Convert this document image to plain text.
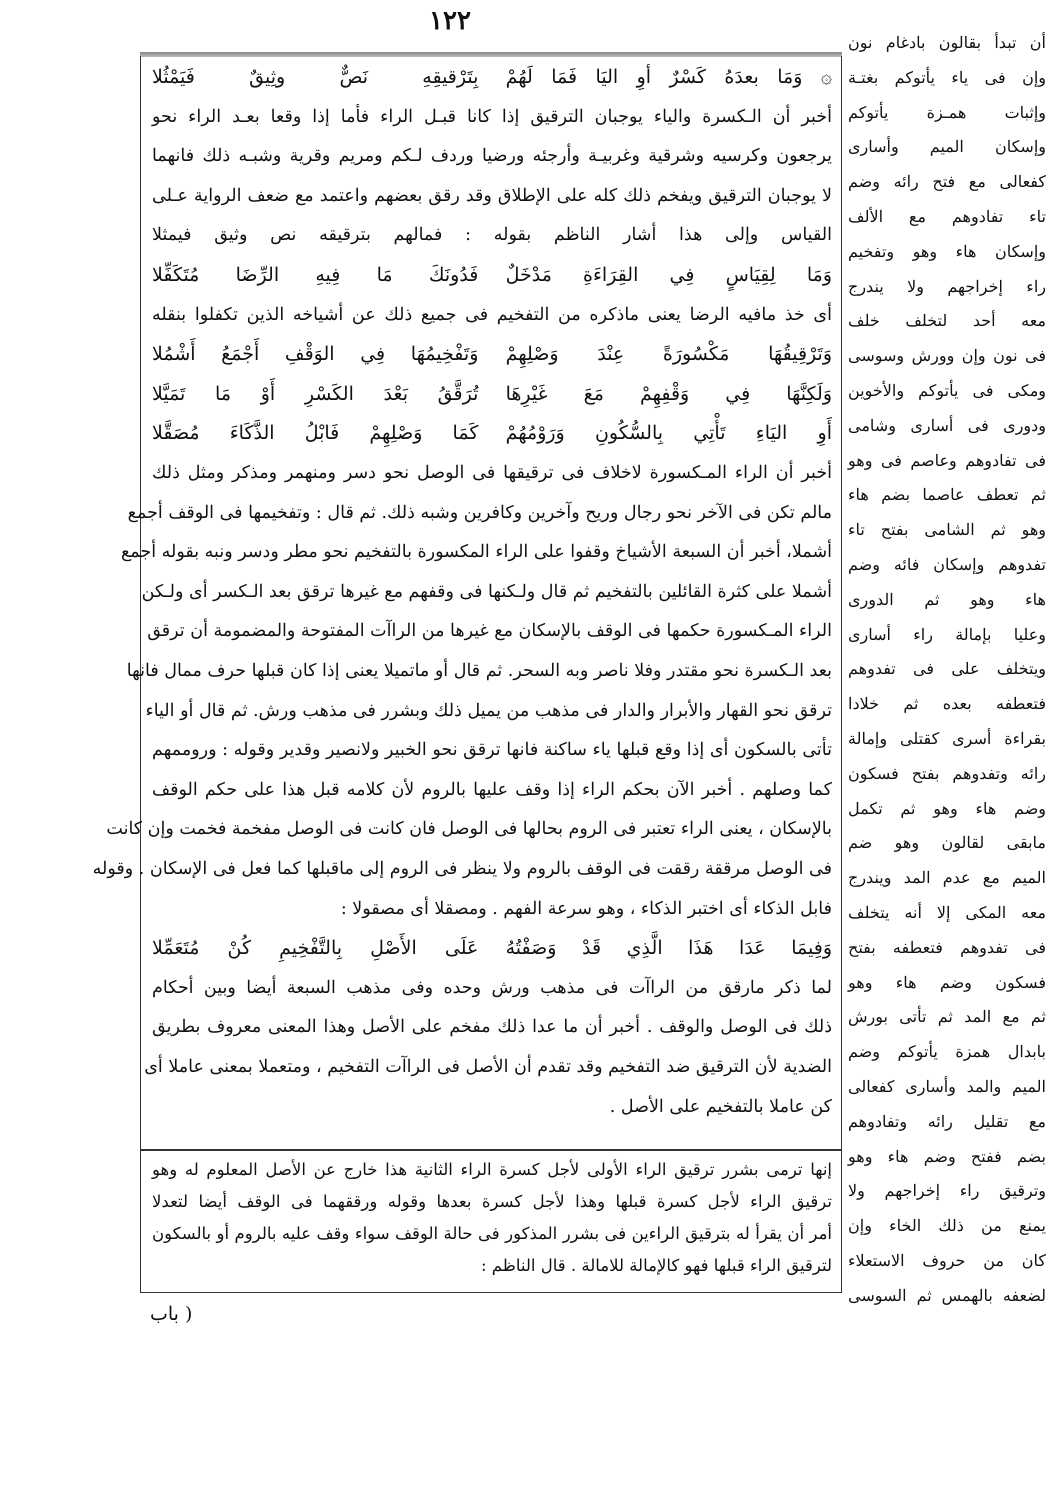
١٢٢
۞ وَمَا بعدَهُ كَسْرٌ أوِ اليَا فَمَا لَهُمْ
بِتَرْقيقِهِ نَصٌّ وثِيقٌ فَيَمْثُلا
أخبر أن الـكسرة والياء يوجبان الترقيق إذا كانا قبـل الراء فأما إذا وقعا بعـد الراء نحو
يرجعون وكرسيه وشرقية وغربيـة وأرجئه ورضيا وردف لـكم ومريم وقرية وشبـه ذلك فانهما
لا يوجبان الترقيق ويفخم ذلك كله على الإطلاق وقد رقق بعضهم واعتمد مع ضعف الرواية عـلى
القياس وإلى هذا أشار الناظم بقوله : فمالهم بترقيقه نص وثيق فيمثلا
وَمَا لِقِيَاسٍ فِي القِرَاءَةِ مَدْخَلٌ
فَدُونَكَ مَا فِيهِ الرِّضَا مُتَكَفِّلا
أى خذ مافيه الرضا يعنى ماذكره من التفخيم فى جميع ذلك عن أشياخه الذين تكفلوا بنقله
وَتَرْقِيقُهَا مَكْسُورَةً عِنْدَ وَصْلِهِمْ
وَتَفْخِيمُهَا فِي الوَقْفِ أَجْمَعُ أَشْمُلا
وَلَكِنَّهَا فِي وَقْفِهِمْ مَعَ غَيْرِهَا
تُرَقَّقُ بَعْدَ الكَسْرِ أَوْ مَا تَمَيَّلا
أَوِ اليَاءِ تَأْتِي بِالسُّكُونِ وَرَوْمُهُمْ
كَمَا وَصْلِهِمْ فَابْلُ الذَّكَاءَ مُصَقَّلا
أخبر أن الراء المـكسورة لاخلاف فى ترقيقها فى الوصل نحو دسر ومنهمر ومذكر ومثل ذلك
مالم تكن فى الآخر نحو رجال وريح وآخرين وكافرين وشبه ذلك. ثم قال : وتفخيمها فى الوقف أجمع
أشملا، أخبر أن السبعة الأشياخ وقفوا على الراء المكسورة بالتفخيم نحو مطر ودسر ونبه بقوله أجمع
أشملا على كثرة القائلين بالتفخيم ثم قال ولـكنها فى وقفهم مع غيرها ترقق بعد الـكسر أى ولـكن
الراء المـكسورة حكمها فى الوقف بالإسكان مع غيرها من الراآت المفتوحة والمضمومة أن ترقق
بعد الـكسرة نحو مقتدر وفلا ناصر وبه السحر. ثم قال أو ماتميلا يعنى إذا كان قبلها حرف ممال فانها
ترقق نحو القهار والأبرار والدار فى مذهب من يميل ذلك وبشرر فى مذهب ورش. ثم قال أو الياء
تأتى بالسكون أى إذا وقع قبلها ياء ساكنة فانها ترقق نحو الخبير ولانصير وقدير وقوله : وروممهم
كما وصلهم . أخبر الآن بحكم الراء إذا وقف عليها بالروم لأن كلامه قبل هذا على حكم الوقف
بالإسكان ، يعنى الراء تعتبر فى الروم بحالها فى الوصل فان كانت فى الوصل مفخمة فخمت وإن كانت
فى الوصل مرققة رققت فى الوقف بالروم ولا ينظر فى الروم إلى ماقبلها كما فعل فى الإسكان . وقوله
فابل الذكاء أى اختبر الذكاء ، وهو سرعة الفهم . ومصقلا أى مصقولا :
وَفِيمَا عَدَا هَذَا الَّذِي قَدْ وَصَفْتُهُ
عَلَى الأَصْلِ بِالتَّفْخِيمِ كُنْ مُتَعَمِّلا
لما ذكر مارقق من الراآت فى مذهب ورش وحده وفى مذهب السبعة أيضا وبين أحكام
ذلك فى الوصل والوقف . أخبر أن ما عدا ذلك مفخم على الأصل وهذا المعنى معروف بطريق
الضدية لأن الترقيق ضد التفخيم وقد تقدم أن الأصل فى الراآت التفخيم ، ومتعملا بمعنى عاملا أى
كن عاملا بالتفخيم على الأصل .
إنها ترمى بشرر ترقيق الراء الأولى لأجل كسرة الراء الثانية هذا خارج عن الأصل المعلوم له وهو
ترقيق الراء لأجل كسرة قبلها وهذا لأجل كسرة بعدها وقوله ورققهما فى الوقف أيضا لتعدلا
أمر أن يقرأ له بترقيق الراءين فى بشرر المذكور فى حالة الوقف سواء وقف عليه بالروم أو بالسكون
لترقيق الراء قبلها فهو كالإمالة للامالة . قال الناظم :
أن تبدأ بقالون بادغام نون
وإن فى ياء يأتوكم بغتـة
وإثبات همـزة يأتوكم
وإسكان الميم وأسارى
كفعالى مع فتح رائه وضم
تاء تفادوهم مع الألف
وإسكان هاء وهو وتفخيم
راء إخراجهم ولا يندرج
معه أحد لتخلف خلف
فى نون وإن وورش وسوسى
ومكى فى يأتوكم والأخوين
ودورى فى أسارى وشامى
فى تفادوهم وعاصم فى وهو
ثم تعطف عاصما بضم هاء
وهو ثم الشامى بفتح تاء
تفدوهم وإسكان فائه وضم
هاء وهو ثم الدورى
وعليا بإمالة راء أسارى
ويتخلف على فى تفدوهم
فتعطفه بعده ثم خلادا
بقراءة أسرى كقتلى وإمالة
رائه وتفدوهم بفتح فسكون
وضم هاء وهو ثم تكمل
مابقى لقالون وهو ضم
الميم مع عدم المد ويندرج
معه المكى إلا أنه يتخلف
فى تفدوهم فتعطفه بفتح
فسكون وضم هاء وهو
ثم مع المد ثم تأتى بورش
بابدال همزة يأتوكم وضم
الميم والمد وأسارى كفعالى
مع تقليل رائه وتفادوهم
بضم ففتح وضم هاء وهو
وترقيق راء إخراجهم ولا
يمنع من ذلك الخاء وإن
كان من حروف الاستعلاء
لضعفه بالهمس ثم السوسى
( باب
